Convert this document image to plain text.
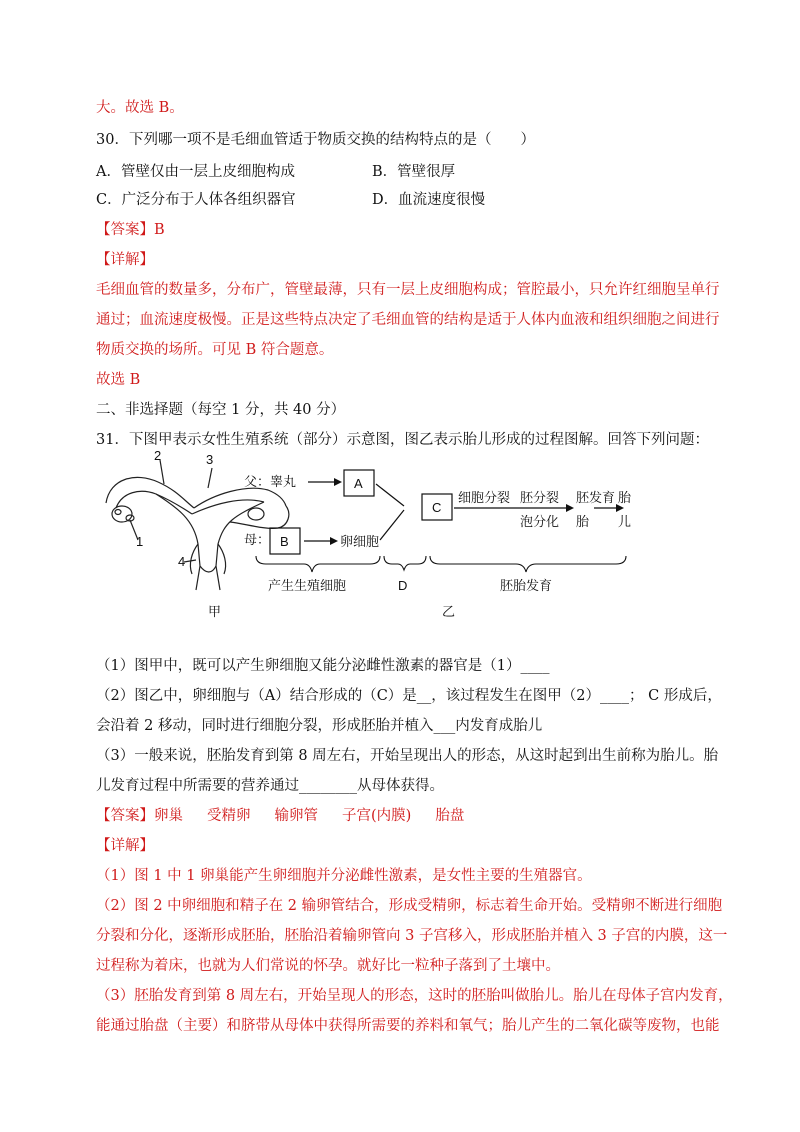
大。故选 B。
30．下列哪一项不是毛细血管适于物质交换的结构特点的是（　　）
A．管壁仅由一层上皮细胞构成	B．管壁很厚
C．广泛分布于人体各组织器官	D．血流速度很慢
【答案】B
【详解】
毛细血管的数量多，分布广，管壁最薄，只有一层上皮细胞构成；管腔最小，只允许红细胞呈单行
通过；血流速度极慢。正是这些特点决定了毛细血管的结构是适于人体内血液和组织细胞之间进行
物质交换的场所。可见 B 符合题意。
故选 B
二、非选择题（每空 1 分，共 40 分）
31．下图甲表示女性生殖系统（部分）示意图，图乙表示胎儿形成的过程图解。回答下列问题：
1
2	3
4
父：睾丸	A
母： B	卵细胞
C
细胞分裂 胚分裂
泡分化
胚发育
胎
胎
儿
产生生殖细胞	D	胚胎发育
甲	乙
（1）图甲中，既可以产生卵细胞又能分泌雌性激素的器官是（1）____
（2）图乙中，卵细胞与（A）结合形成的（C）是__，该过程发生在图甲（2）____； C 形成后，
会沿着 2 移动，同时进行细胞分裂，形成胚胎并植入___内发育成胎儿
（3）一般来说，胚胎发育到第 8 周左右，开始呈现出人的形态，从这时起到出生前称为胎儿。胎
儿发育过程中所需要的营养通过________从母体获得。
【答案】卵巢 受精卵 输卵管 子宫(内膜) 胎盘
【详解】
（1）图 1 中 1 卵巢能产生卵细胞并分泌雌性激素，是女性主要的生殖器官。
（2）图 2 中卵细胞和精子在 2 输卵管结合，形成受精卵，标志着生命开始。受精卵不断进行细胞
分裂和分化，逐渐形成胚胎，胚胎沿着输卵管向 3 子宫移入，形成胚胎并植入 3 子宫的内膜，这一
过程称为着床，也就为人们常说的怀孕。就好比一粒种子落到了土壤中。
（3）胚胎发育到第 8 周左右，开始呈现人的形态，这时的胚胎叫做胎儿。胎儿在母体子宫内发育，
能通过胎盘（主要）和脐带从母体中获得所需要的养料和氧气；胎儿产生的二氧化碳等废物，也能
